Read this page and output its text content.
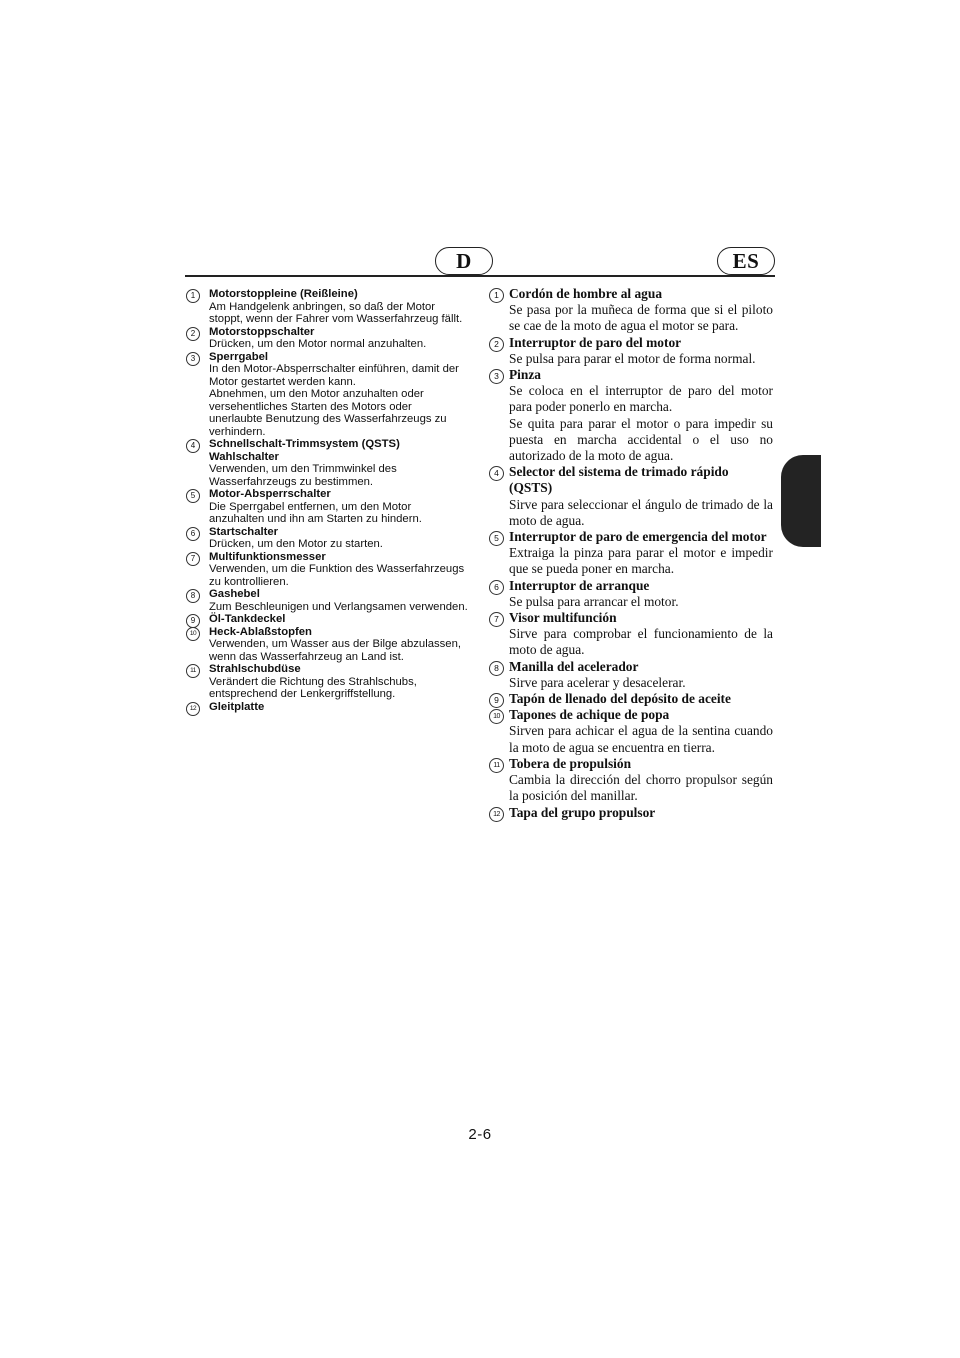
D	ES
1	Motorstoppleine (Reißleine)
Am Handgelenk anbringen, so daß der Motor stoppt, wenn der Fahrer vom Wasserfahrzeug fällt.
2	Motorstoppschalter
Drücken, um den Motor normal anzuhalten.
3	Sperrgabel
In den Motor-Absperrschalter einführen, damit der Motor gestartet werden kann.
Abnehmen, um den Motor anzuhalten oder versehentliches Starten des Motors oder unerlaubte Benutzung des Wasserfahrzeugs zu verhindern.
4	Schnellschalt-Trimmsystem (QSTS) Wahlschalter
Verwenden, um den Trimmwinkel des Wasserfahrzeugs zu bestimmen.
5	Motor-Absperrschalter
Die Sperrgabel entfernen, um den Motor anzuhalten und ihn am Starten zu hindern.
6	Startschalter
Drücken, um den Motor zu starten.
7	Multifunktionsmesser
Verwenden, um die Funktion des Wasserfahrzeugs zu kontrollieren.
8	Gashebel
Zum Beschleunigen und Verlangsamen verwenden.
9	Öl-Tankdeckel
10	Heck-Ablaßstopfen
Verwenden, um Wasser aus der Bilge abzulassen, wenn das Wasserfahrzeug an Land ist.
11	Strahlschubdüse
Verändert die Richtung des Strahlschubs, entsprechend der Lenkergriffstellung.
12	Gleitplatte
1 Cordón de hombre al agua
Se pasa por la muñeca de forma que si el piloto se cae de la moto de agua el motor se para.
2 Interruptor de paro del motor
Se pulsa para parar el motor de forma normal.
3 Pinza
Se coloca en el interruptor de paro del motor para poder ponerlo en marcha.
Se quita para parar el motor o para impedir su puesta en marcha accidental o el uso no autorizado de la moto de agua.
4 Selector del sistema de trimado rápido (QSTS)
Sirve para seleccionar el ángulo de trimado de la moto de agua.
5 Interruptor de paro de emergencia del motor
Extraiga la pinza para parar el motor e impedir que se pueda poner en marcha.
6 Interruptor de arranque
Se pulsa para arrancar el motor.
7 Visor multifunción
Sirve para comprobar el funcionamiento de la moto de agua.
8 Manilla del acelerador
Sirve para acelerar y desacelerar.
9 Tapón de llenado del depósito de aceite
10 Tapones de achique de popa
Sirven para achicar el agua de la sentina cuando la moto de agua se encuentra en tierra.
11 Tobera de propulsión
Cambia la dirección del chorro propulsor según la posición del manillar.
12 Tapa del grupo propulsor
2-6
